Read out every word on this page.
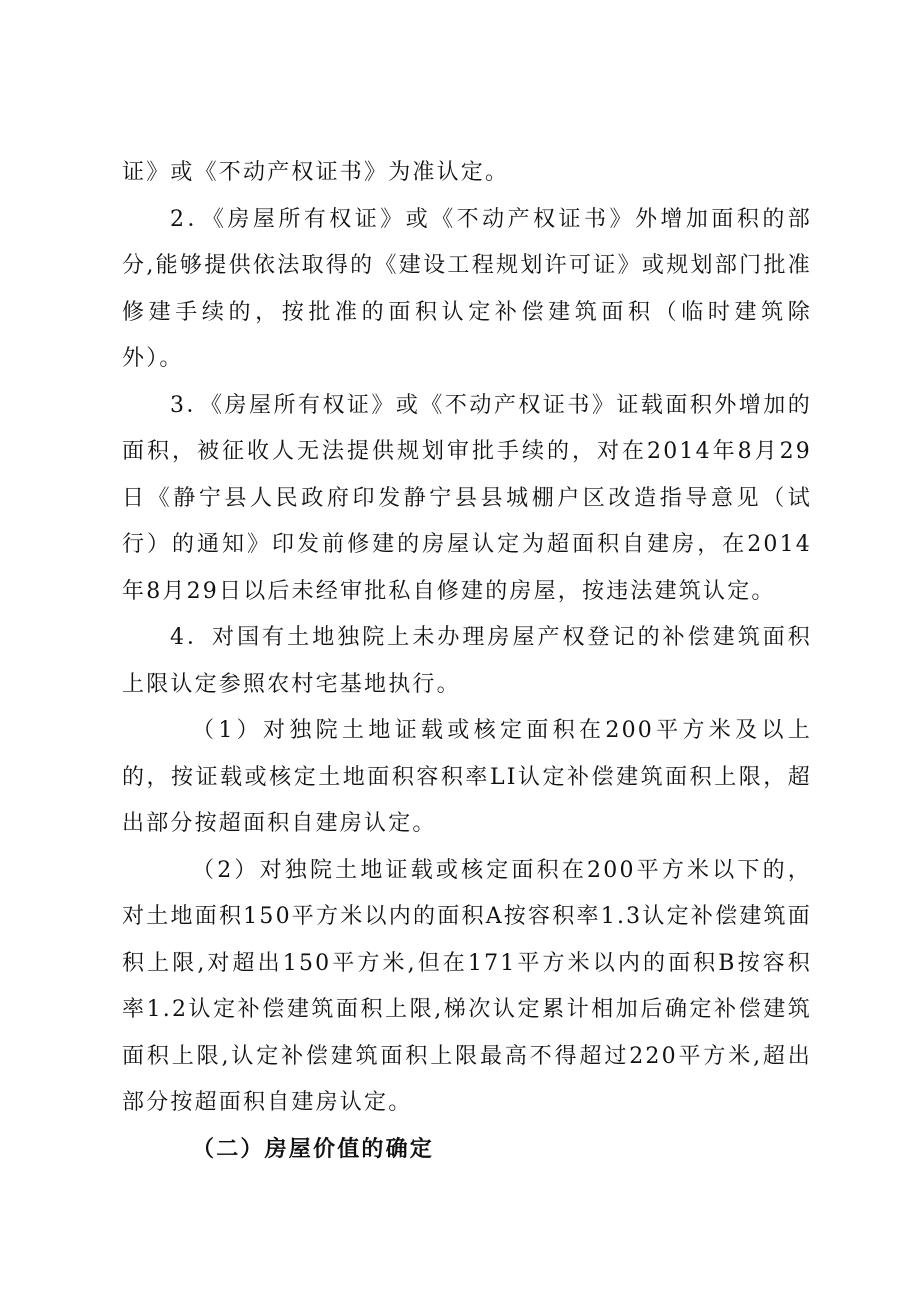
证》或《不动产权证书》为准认定。

2．《房屋所有权证》或《不动产权证书》外增加面积的部分,能够提供依法取得的《建设工程规划许可证》或规划部门批准修建手续的，按批准的面积认定补偿建筑面积（临时建筑除外）。

3．《房屋所有权证》或《不动产权证书》证载面积外增加的面积，被征收人无法提供规划审批手续的，对在2014年8月29日《静宁县人民政府印发静宁县县城棚户区改造指导意见（试行）的通知》印发前修建的房屋认定为超面积自建房，在2014年8月29日以后未经审批私自修建的房屋，按违法建筑认定。

4．对国有土地独院上未办理房屋产权登记的补偿建筑面积上限认定参照农村宅基地执行。

（1）对独院土地证载或核定面积在200平方米及以上的，按证载或核定土地面积容积率LI认定补偿建筑面积上限，超出部分按超面积自建房认定。

（2）对独院土地证载或核定面积在200平方米以下的，对土地面积150平方米以内的面积A按容积率1.3认定补偿建筑面积上限,对超出150平方米,但在171平方米以内的面积B按容积率1.2认定补偿建筑面积上限,梯次认定累计相加后确定补偿建筑面积上限,认定补偿建筑面积上限最高不得超过220平方米,超出部分按超面积自建房认定。

（二）房屋价值的确定
